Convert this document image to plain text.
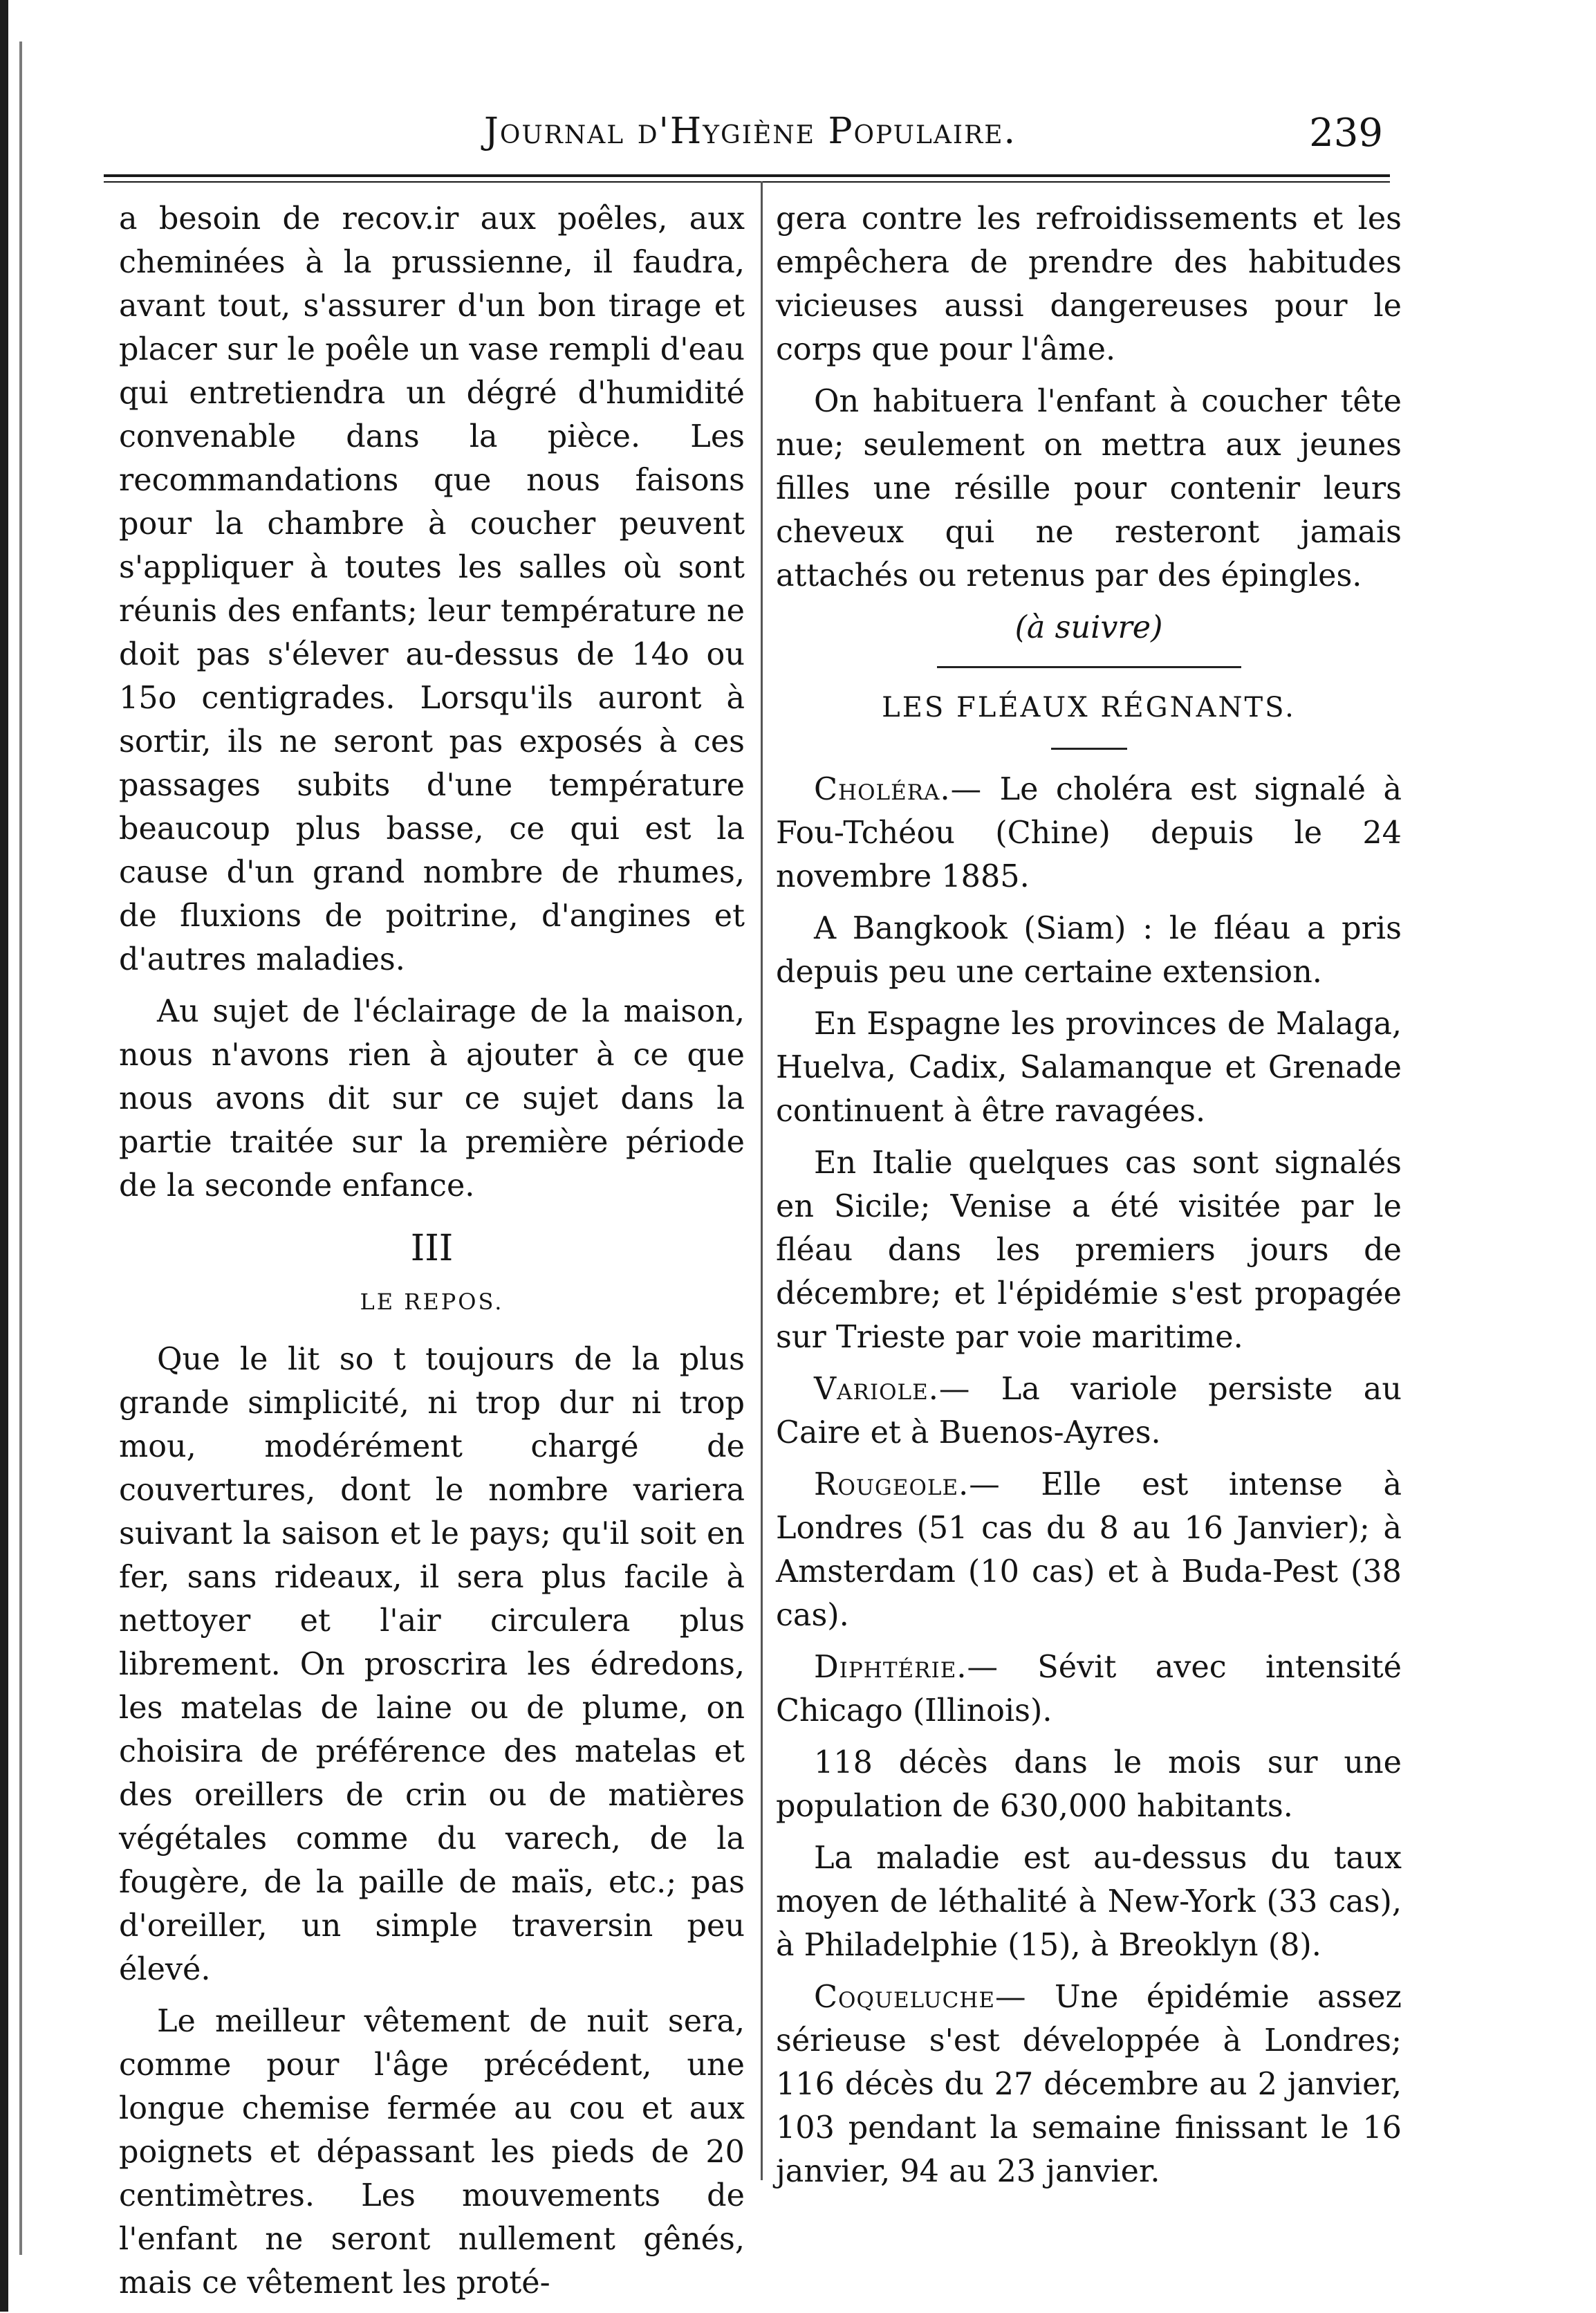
Journal d'Hygiène Populaire.	239

a besoin de recov.ir aux poêles, aux cheminées à la prussienne, il faudra, avant tout, s'assurer d'un bon tirage et placer sur le poêle un vase rempli d'eau qui entretiendra un dégré d'humidité convenable dans la pièce. Les recommandations que nous faisons pour la chambre à coucher peuvent s'appliquer à toutes les salles où sont réunis des enfants; leur température ne doit pas s'élever au-dessus de 14o ou 15o centigrades. Lorsqu'ils auront à sortir, ils ne seront pas exposés à ces passages subits d'une température beaucoup plus basse, ce qui est la cause d'un grand nombre de rhumes, de fluxions de poitrine, d'angines et d'autres maladies.

Au sujet de l'éclairage de la maison, nous n'avons rien à ajouter à ce que nous avons dit sur ce sujet dans la partie traitée sur la première période de la seconde enfance.

III
LE REPOS.

Que le lit so t toujours de la plus grande simplicité, ni trop dur ni trop mou, modérément chargé de couvertures, dont le nombre variera suivant la saison et le pays; qu'il soit en fer, sans rideaux, il sera plus facile à nettoyer et l'air circulera plus librement. On proscrira les édredons, les matelas de laine ou de plume, on choisira de préférence des matelas et des oreillers de crin ou de matières végétales comme du varech, de la fougère, de la paille de maïs, etc.; pas d'oreiller, un simple traversin peu élevé.

Le meilleur vêtement de nuit sera, comme pour l'âge précédent, une longue chemise fermée au cou et aux poignets et dépassant les pieds de 20 centimètres. Les mouvements de l'enfant ne seront nullement gênés, mais ce vêtement les proté-

gera contre les refroidissements et les empêchera de prendre des habitudes vicieuses aussi dangereuses pour le corps que pour l'âme.

On habituera l'enfant à coucher tête nue; seulement on mettra aux jeunes filles une résille pour contenir leurs cheveux qui ne resteront jamais attachés ou retenus par des épingles.

(à suivre)
LES FLÉAUX RÉGNANTS.

Choléra.— Le choléra est signalé à Fou-Tchéou (Chine) depuis le 24 novembre 1885.

A Bangkook (Siam) : le fléau a pris depuis peu une certaine extension.

En Espagne les provinces de Malaga, Huelva, Cadix, Salamanque et Grenade continuent à être ravagées.

En Italie quelques cas sont signalés en Sicile; Venise a été visitée par le fléau dans les premiers jours de décembre; et l'épidémie s'est propagée sur Trieste par voie maritime.

Variole.— La variole persiste au Caire et à Buenos-Ayres.

Rougeole.— Elle est intense à Londres (51 cas du 8 au 16 Janvier); à Amsterdam (10 cas) et à Buda-Pest (38 cas).

Diphtérie.— Sévit avec intensité Chicago (Illinois).

118 décès dans le mois sur une population de 630,000 habitants.

La maladie est au-dessus du taux moyen de léthalité à New-York (33 cas), à Philadelphie (15), à Breoklyn (8).

Coqueluche— Une épidémie assez sérieuse s'est développée à Londres; 116 décès du 27 décembre au 2 janvier, 103 pendant la semaine finissant le 16 janvier, 94 au 23 janvier.
